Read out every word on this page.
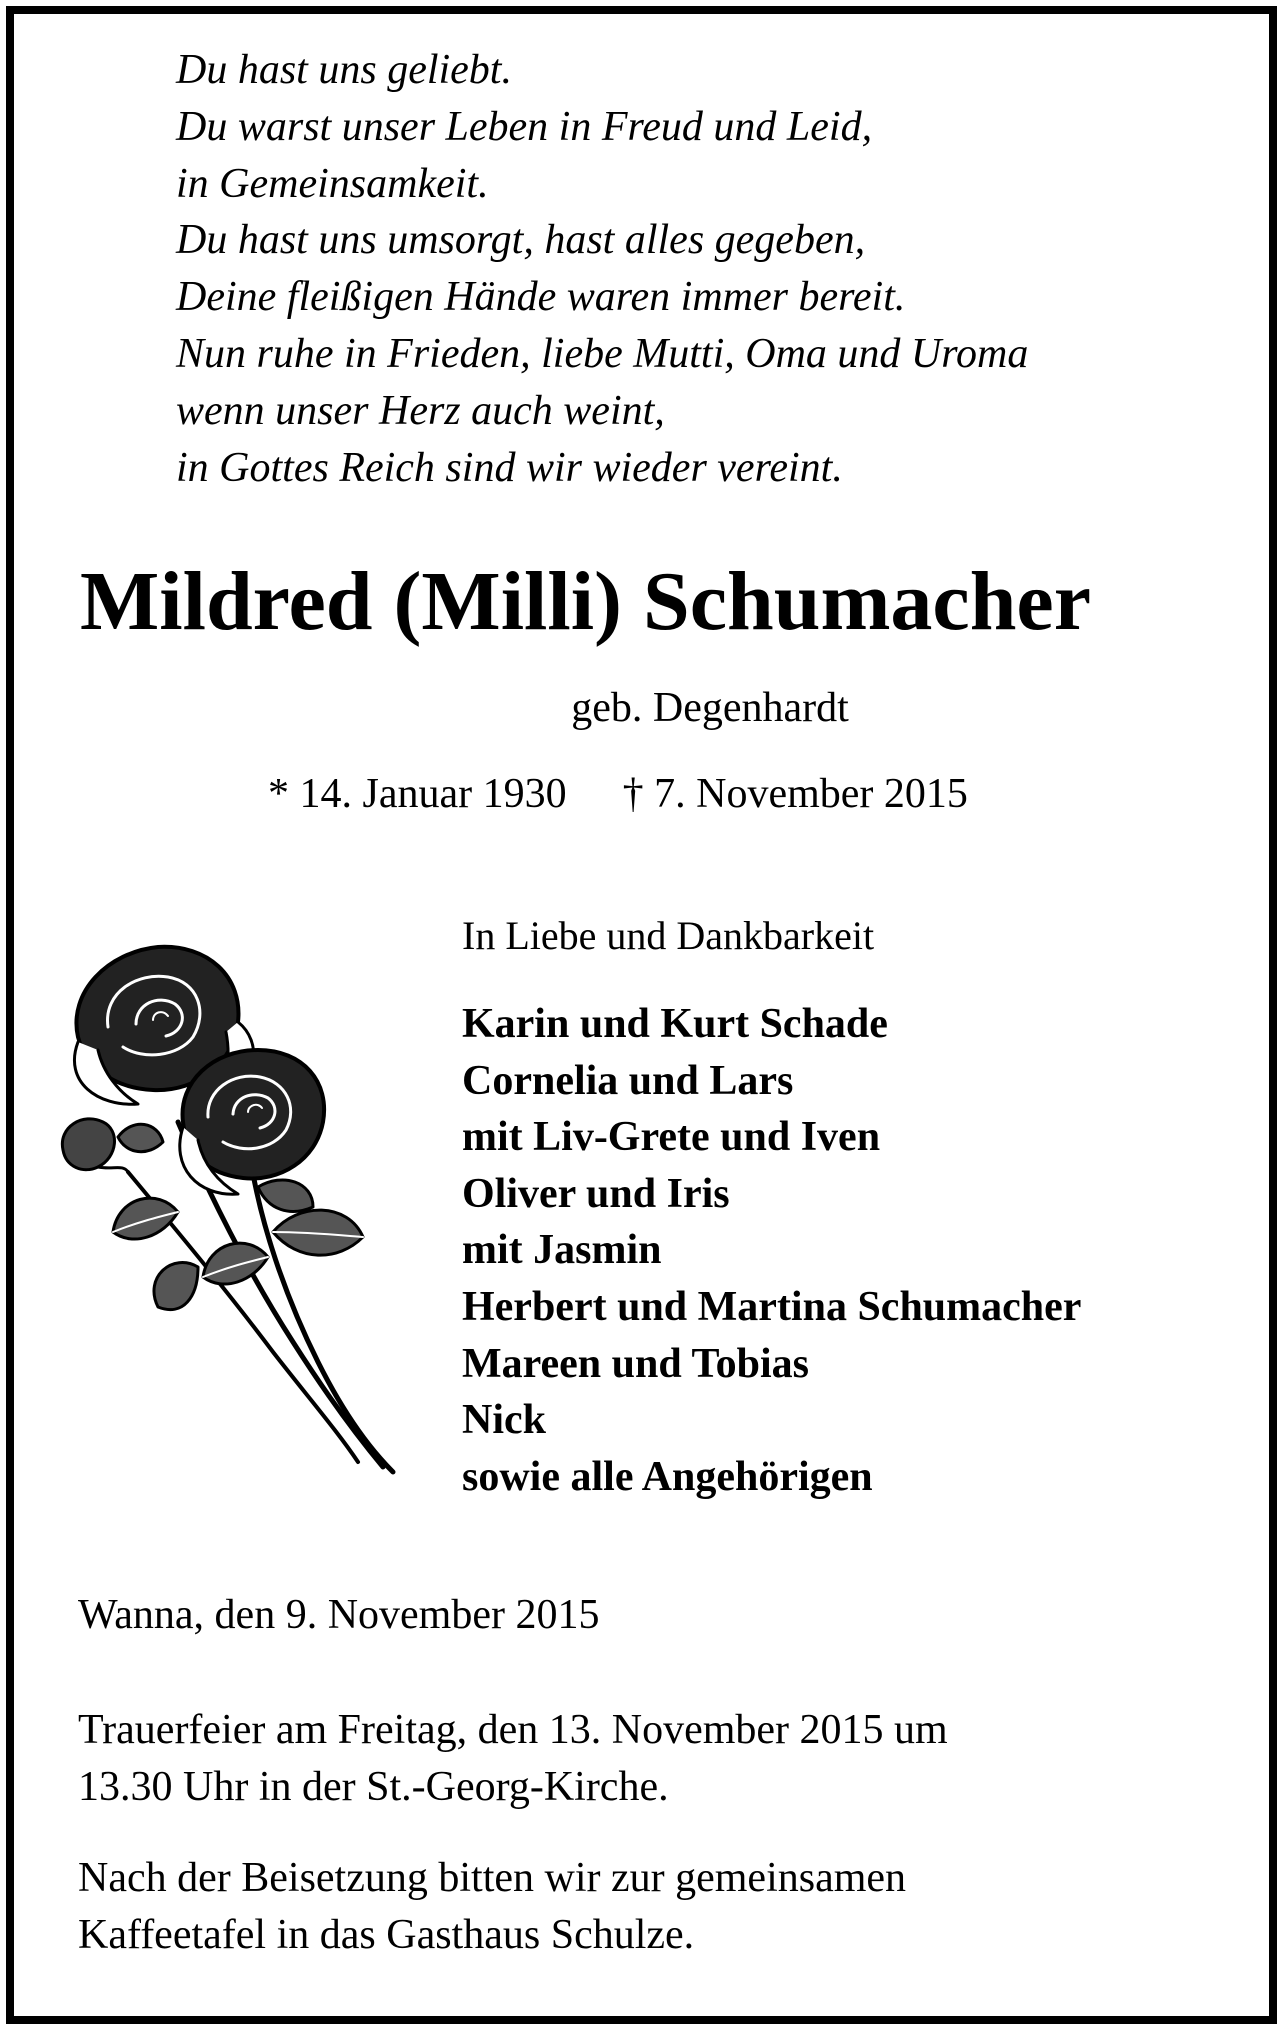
Du hast uns geliebt.
Du warst unser Leben in Freud und Leid,
in Gemeinsamkeit.
Du hast uns umsorgt, hast alles gegeben,
Deine fleißigen Hände waren immer bereit.
Nun ruhe in Frieden, liebe Mutti, Oma und Uroma
wenn unser Herz auch weint,
in Gottes Reich sind wir wieder vereint.
Mildred (Milli) Schumacher
geb. Degenhardt
* 14. Januar 1930 † 7. November 2015
In Liebe und Dankbarkeit
Karin und Kurt Schade
Cornelia und Lars
mit Liv-Grete und Iven
Oliver und Iris
mit Jasmin
Herbert und Martina Schumacher
Mareen und Tobias
Nick
sowie alle Angehörigen
Wanna, den 9. November 2015
Trauerfeier am Freitag, den 13. November 2015 um
13.30 Uhr in der St.-Georg-Kirche.
Nach der Beisetzung bitten wir zur gemeinsamen
Kaffeetafel in das Gasthaus Schulze.
